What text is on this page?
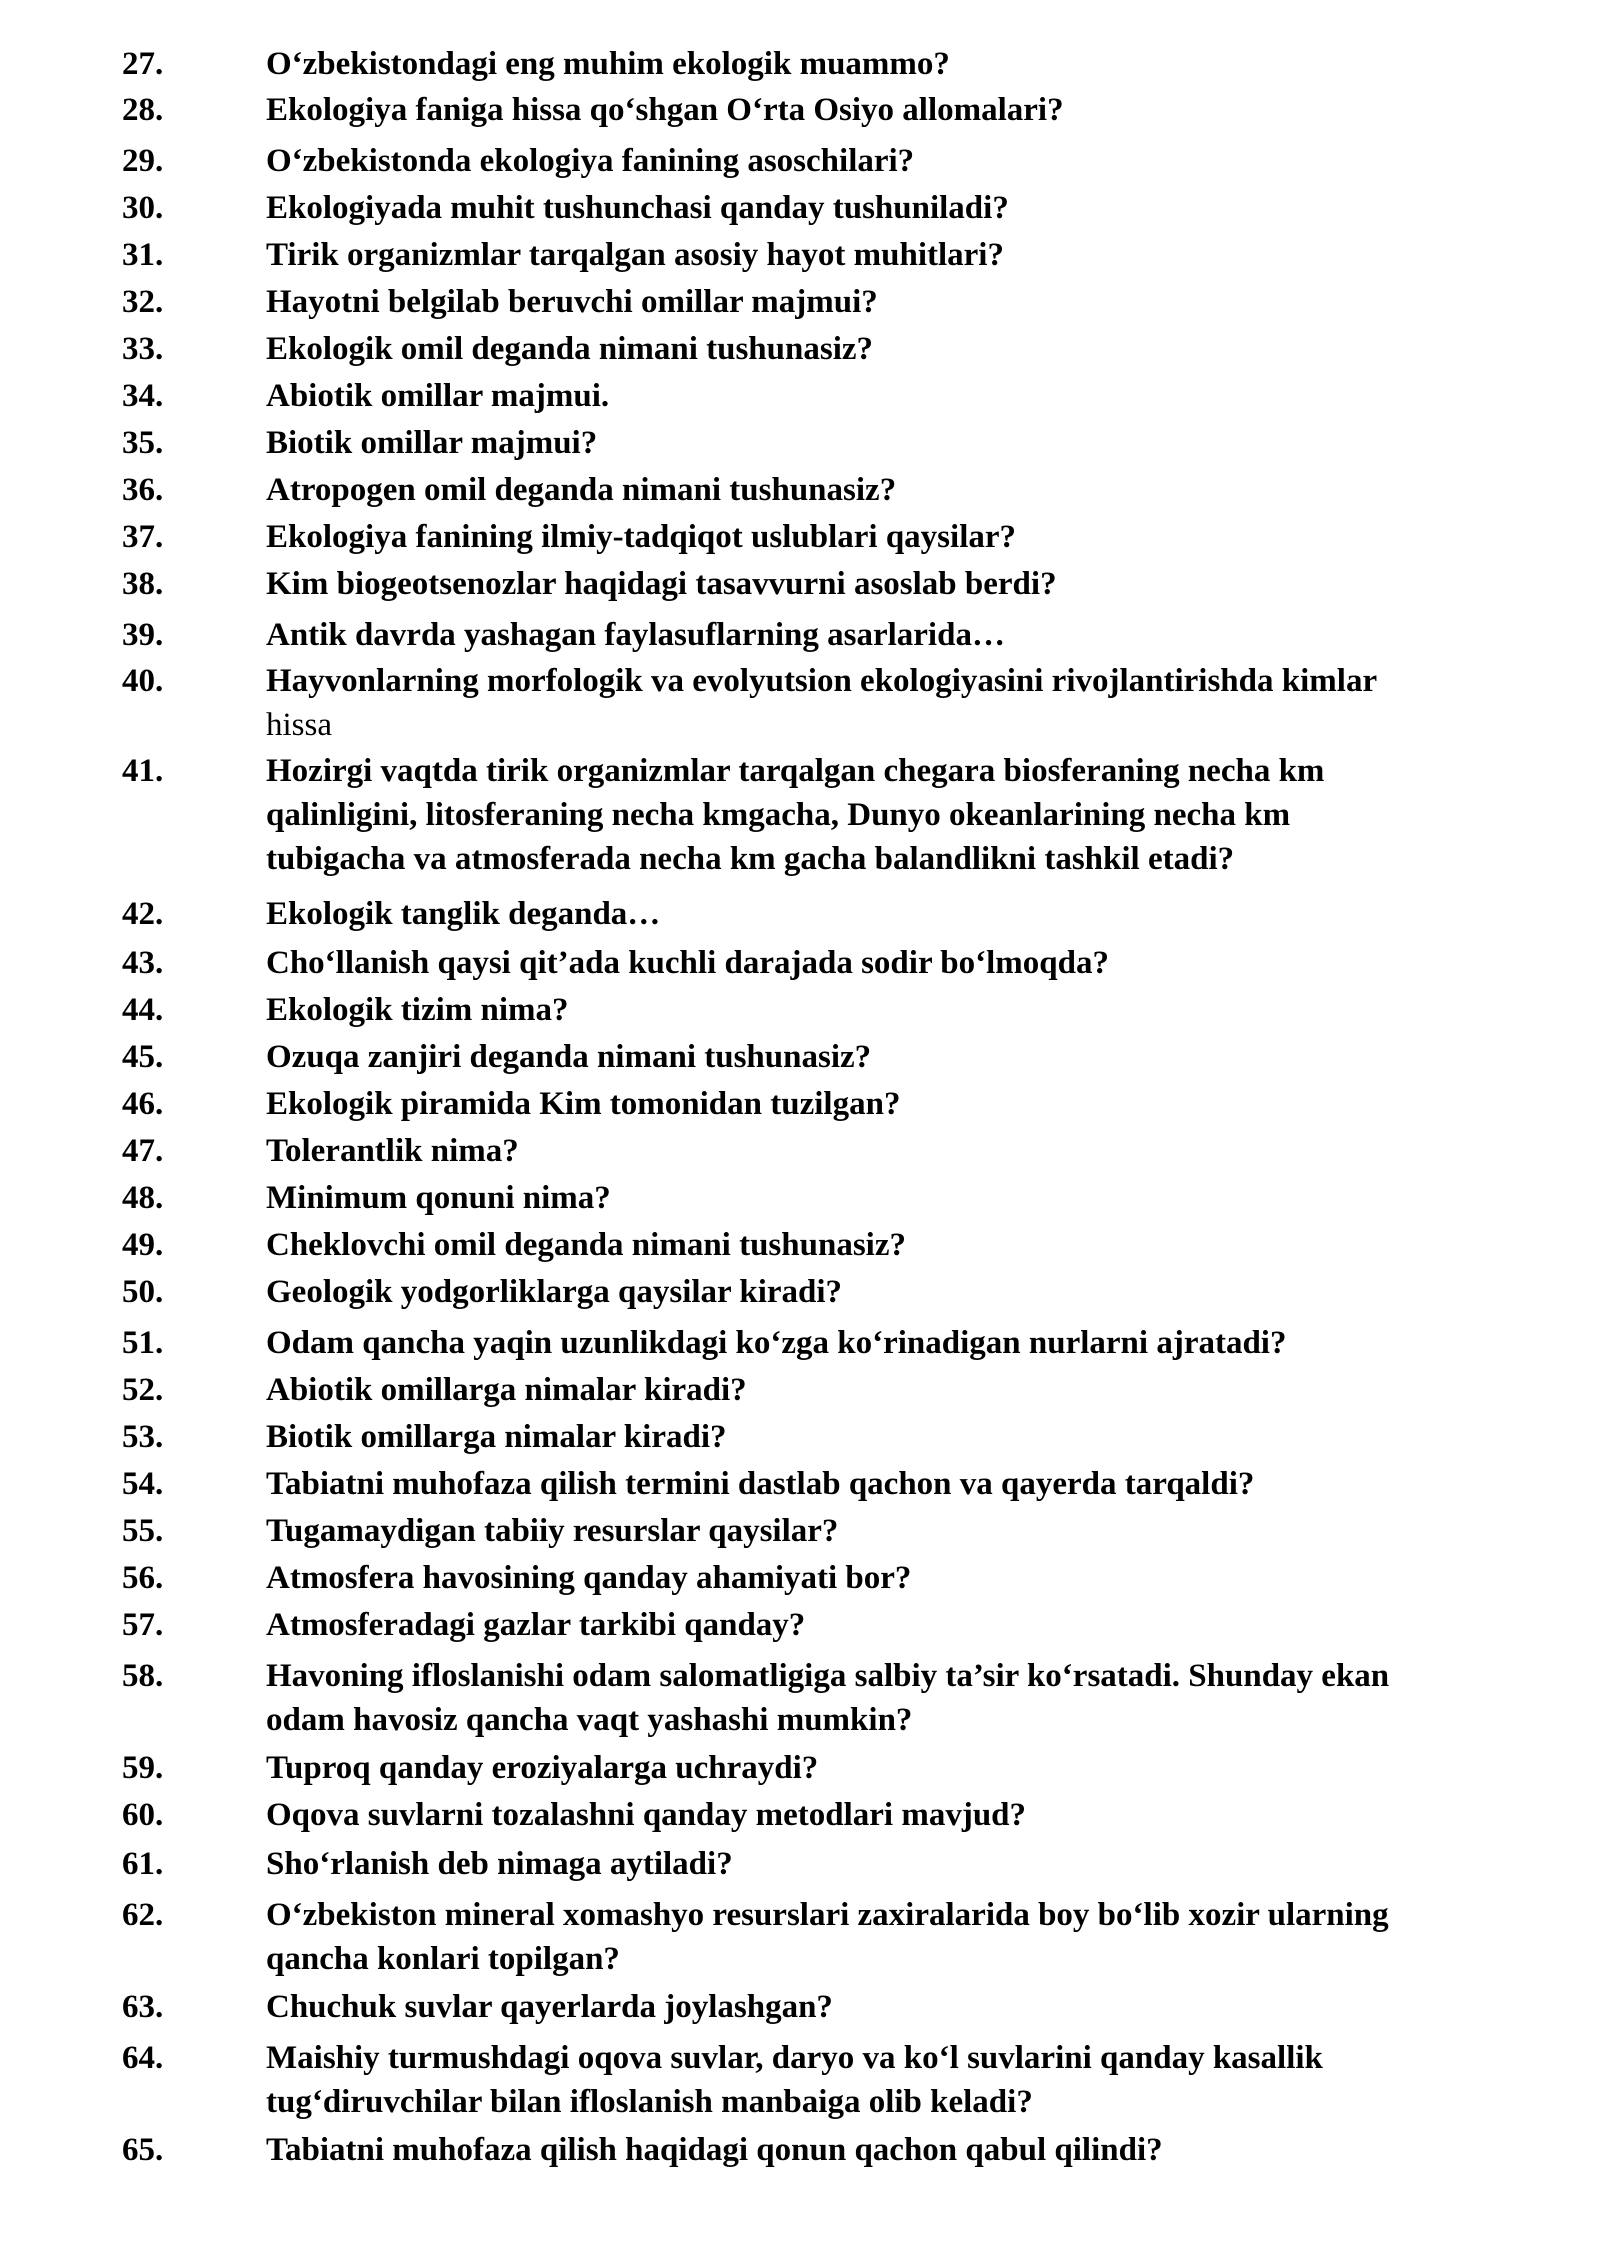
27.	O‘zbekistondagi eng muhim ekologik muammo?
28.	Ekologiya faniga hissa qo‘shgan O‘rta Osiyo allomalari?
29.	O‘zbekistonda ekologiya fanining asoschilari?
30.	Ekologiyada muhit tushunchasi qanday tushuniladi?
31.	Tirik organizmlar tarqalgan asosiy hayot muhitlari?
32.	Hayotni belgilab beruvchi omillar majmui?
33.	Ekologik omil deganda nimani tushunasiz?
34.	Abiotik omillar majmui.
35.	Biotik omillar majmui?
36.	Atropogen omil deganda nimani tushunasiz?
37.	Ekologiya fanining ilmiy-tadqiqot uslublari qaysilar?
38.	Kim biogeotsenozlar haqidagi tasavvurni asoslab berdi?
39.	Antik davrda yashagan faylasuflarning asarlarida…
40.	Hayvonlarning morfologik va evolyutsion ekologiyasini rivojlantirishda kimlar
hissa
41.	Hozirgi vaqtda tirik organizmlar tarqalgan chegara biosferaning necha km
qalinligini, litosferaning necha kmgacha, Dunyo okeanlarining necha km
tubigacha va atmosferada necha km gacha balandlikni tashkil etadi?
42.	Ekologik tanglik deganda…
43.	Cho‘llanish qaysi qit’ada kuchli darajada sodir bo‘lmoqda?
44.	Ekologik tizim nima?
45.	Ozuqa zanjiri deganda nimani tushunasiz?
46.	Ekologik piramida Kim tomonidan tuzilgan?
47.	Tolerantlik nima?
48.	Minimum qonuni nima?
49.	Cheklovchi omil deganda nimani tushunasiz?
50.	Geologik yodgorliklarga qaysilar kiradi?
51.	Odam qancha yaqin uzunlikdagi ko‘zga ko‘rinadigan nurlarni ajratadi?
52.	Abiotik omillarga nimalar kiradi?
53.	Biotik omillarga nimalar kiradi?
54.	Tabiatni muhofaza qilish termini dastlab qachon va qayerda tarqaldi?
55.	Tugamaydigan tabiiy resurslar qaysilar?
56.	Atmosfera havosining qanday ahamiyati bor?
57.	Atmosferadagi gazlar tarkibi qanday?
58.	Havoning ifloslanishi odam salomatligiga salbiy ta’sir ko‘rsatadi. Shunday ekan
odam havosiz qancha vaqt yashashi mumkin?
59.	Tuproq qanday eroziyalarga uchraydi?
60.	Oqova suvlarni tozalashni qanday metodlari mavjud?
61.	Sho‘rlanish deb nimaga aytiladi?
62.	O‘zbekiston mineral xomashyo resurslari zaxiralarida boy bo‘lib xozir ularning
qancha konlari topilgan?
63.	Chuchuk suvlar qayerlarda joylashgan?
64.	Maishiy turmushdagi oqova suvlar, daryo va ko‘l suvlarini qanday kasallik
tug‘diruvchilar bilan ifloslanish manbaiga olib keladi?
65.	Tabiatni muhofaza qilish haqidagi qonun qachon qabul qilindi?
